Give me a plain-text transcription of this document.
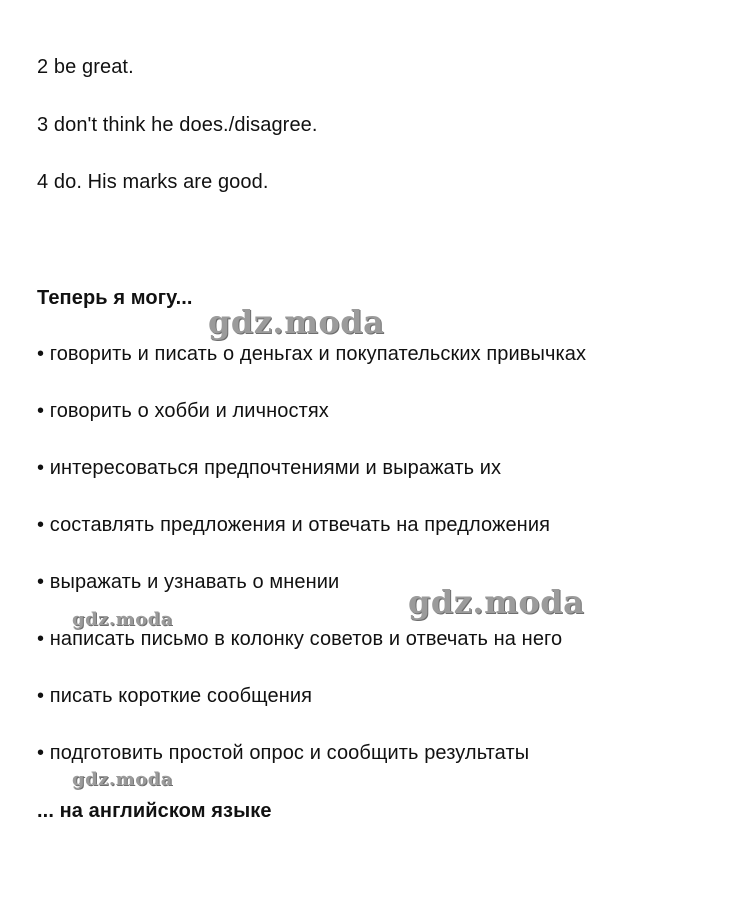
2 be great.
3 don't think he does./disagree.
4 do. His marks are good.
Теперь я могу...
• говорить и писать о деньгах и покупательских привычках
• говорить о хобби и личностях
• интересоваться предпочтениями и выражать их
• составлять предложения и отвечать на предложения
• выражать и узнавать о мнении
• написать письмо в колонку советов и отвечать на него
• писать короткие сообщения
• подготовить простой опрос и сообщить результаты
... на английском языке
gdz.moda
gdz.moda
gdz.moda
gdz.moda
